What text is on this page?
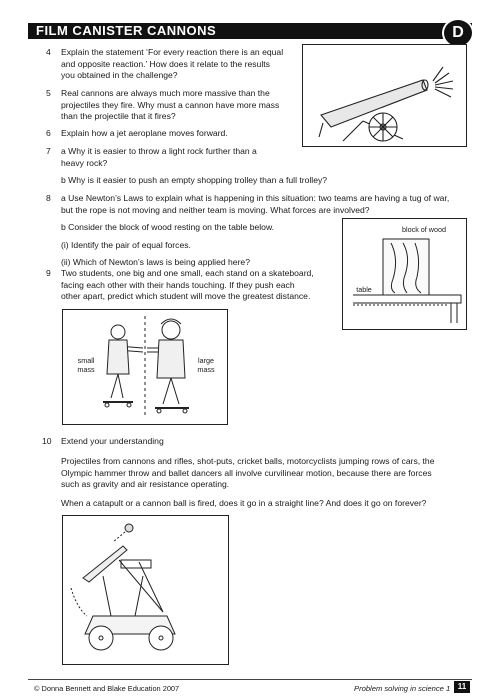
FILM CANISTER CANNONS	D
4 Explain the statement ‘For every reaction there is an equal
and opposite reaction.’ How does it relate to the results
you obtained in the challenge?
5 Real cannons are always much more massive than the
projectiles they fire. Why must a cannon have more mass
than the projectile that it fires?
6 Explain how a jet aeroplane moves forward.
7 a Why it is easier to throw a light rock further than a
heavy rock?
b Why is it easier to push an empty shopping trolley than a full trolley?
8 a Use Newton’s Laws to explain what is happening in this situation: two teams are having a tug of war,
but the rope is not moving and neither team is moving. What forces are involved?
b Consider the block of wood resting on the table below.
(i) Identify the pair of equal forces.
(ii) Which of Newton’s laws is being applied here?
9 Two students, one big and one small, each stand on a skateboard,
facing each other with their hands touching. If they push each
other apart, predict which student will move the greatest distance.
block of wood
table
small
mass
large
mass
10 Extend your understanding
Projectiles from cannons and rifles, shot-puts, cricket balls, motorcyclists jumping rows of cars, the
Olympic hammer throw and ballet dancers all involve curvilinear motion, because there are forces
such as gravity and air resistance operating.
When a catapult or a cannon ball is fired, does it go in a straight line? And does it go on forever?
© Donna Bennett and Blake Education 2007	Problem solving in science 1 11
